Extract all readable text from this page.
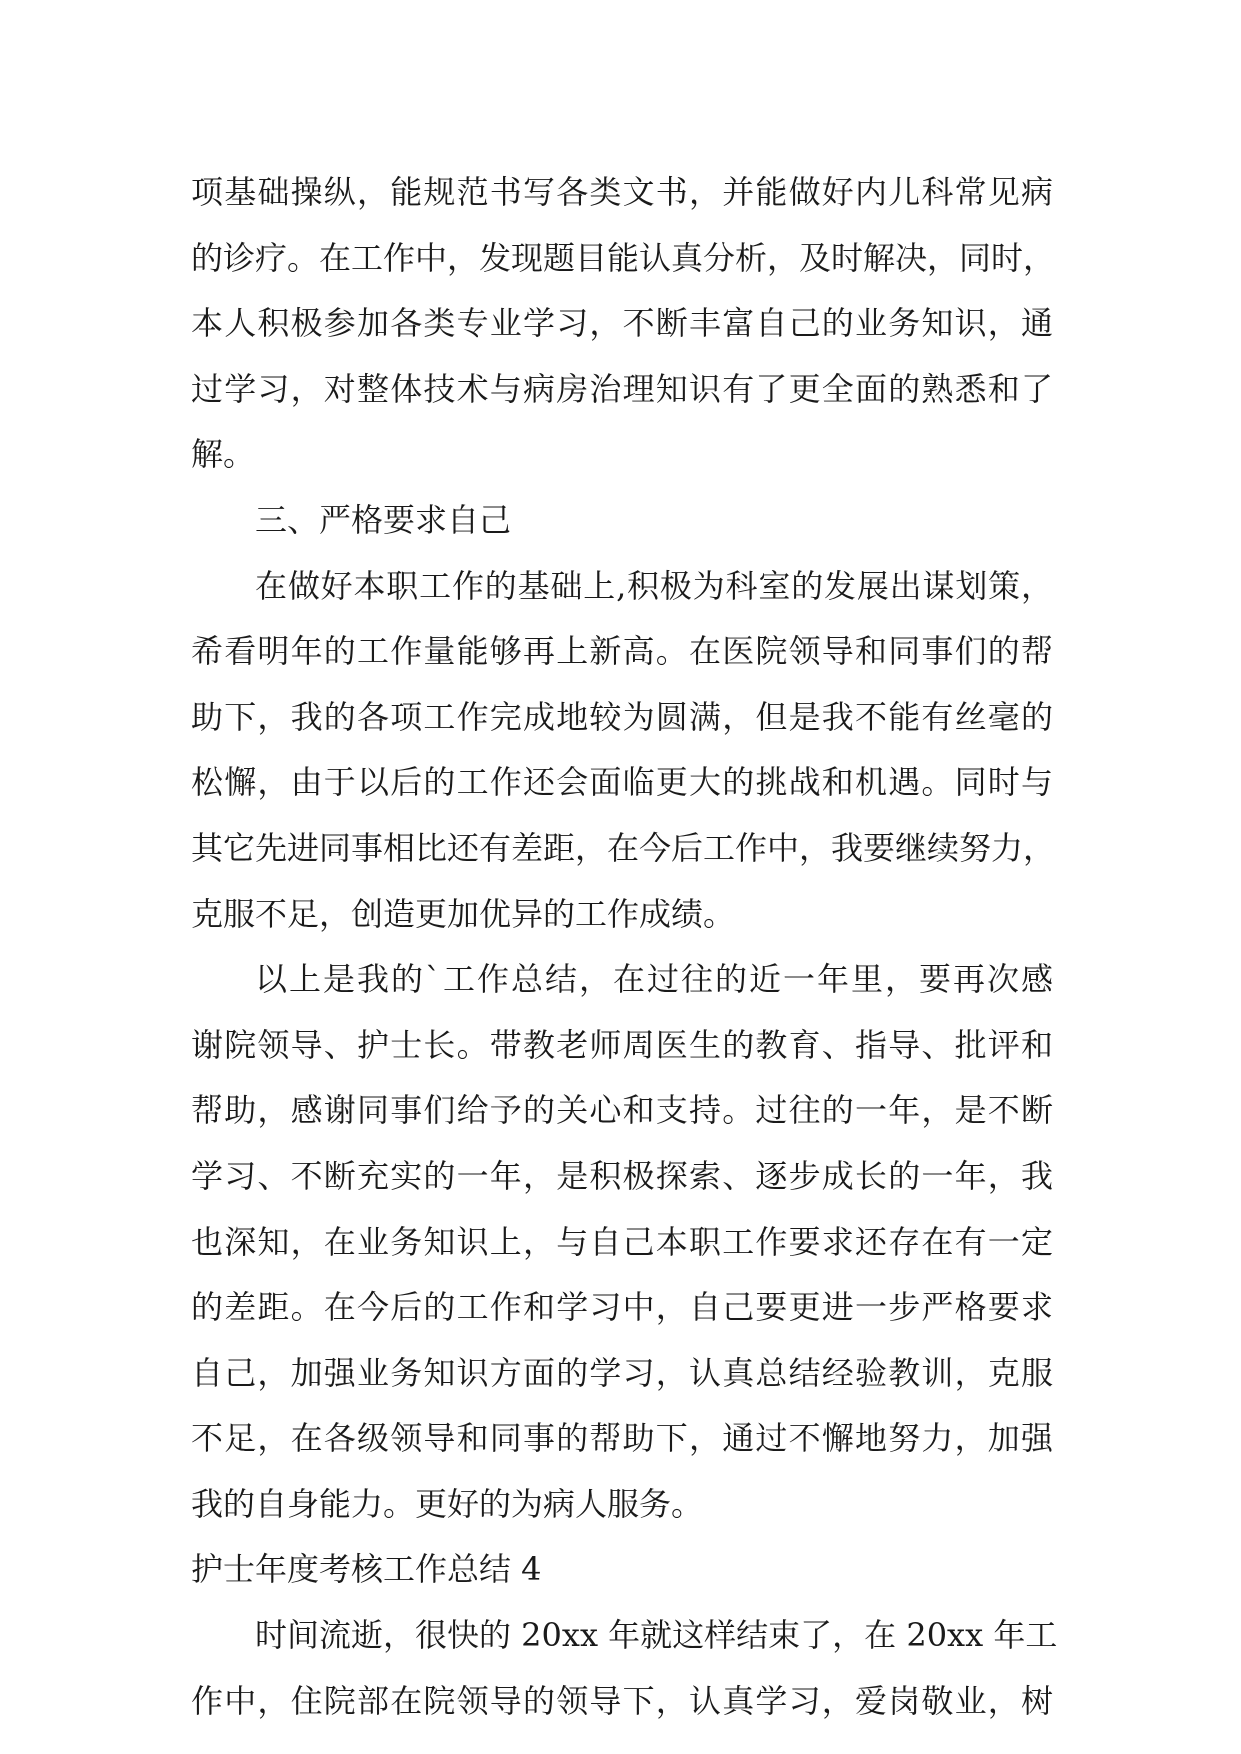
项基础操纵，能规范书写各类文书，并能做好内儿科常见病
的诊疗。在工作中，发现题目能认真分析，及时解决，同时，
本人积极参加各类专业学习，不断丰富自己的业务知识，通
过学习，对整体技术与病房治理知识有了更全面的熟悉和了
解。
三、严格要求自己
在做好本职工作的基础上,积极为科室的发展出谋划策，
希看明年的工作量能够再上新高。在医院领导和同事们的帮
助下，我的各项工作完成地较为圆满，但是我不能有丝毫的
松懈，由于以后的工作还会面临更大的挑战和机遇。同时与
其它先进同事相比还有差距，在今后工作中，我要继续努力，
克服不足，创造更加优异的工作成绩。
以上是我的`工作总结，在过往的近一年里，要再次感
谢院领导、护士长。带教老师周医生的教育、指导、批评和
帮助，感谢同事们给予的关心和支持。过往的一年，是不断
学习、不断充实的一年，是积极探索、逐步成长的一年，我
也深知，在业务知识上，与自己本职工作要求还存在有一定
的差距。在今后的工作和学习中，自己要更进一步严格要求
自己，加强业务知识方面的学习，认真总结经验教训，克服
不足，在各级领导和同事的帮助下，通过不懈地努力，加强
我的自身能力。更好的为病人服务。
护士年度考核工作总结 4
时间流逝，很快的 20xx 年就这样结束了，在 20xx 年工
作中，住院部在院领导的领导下，认真学习，爱岗敬业，树
